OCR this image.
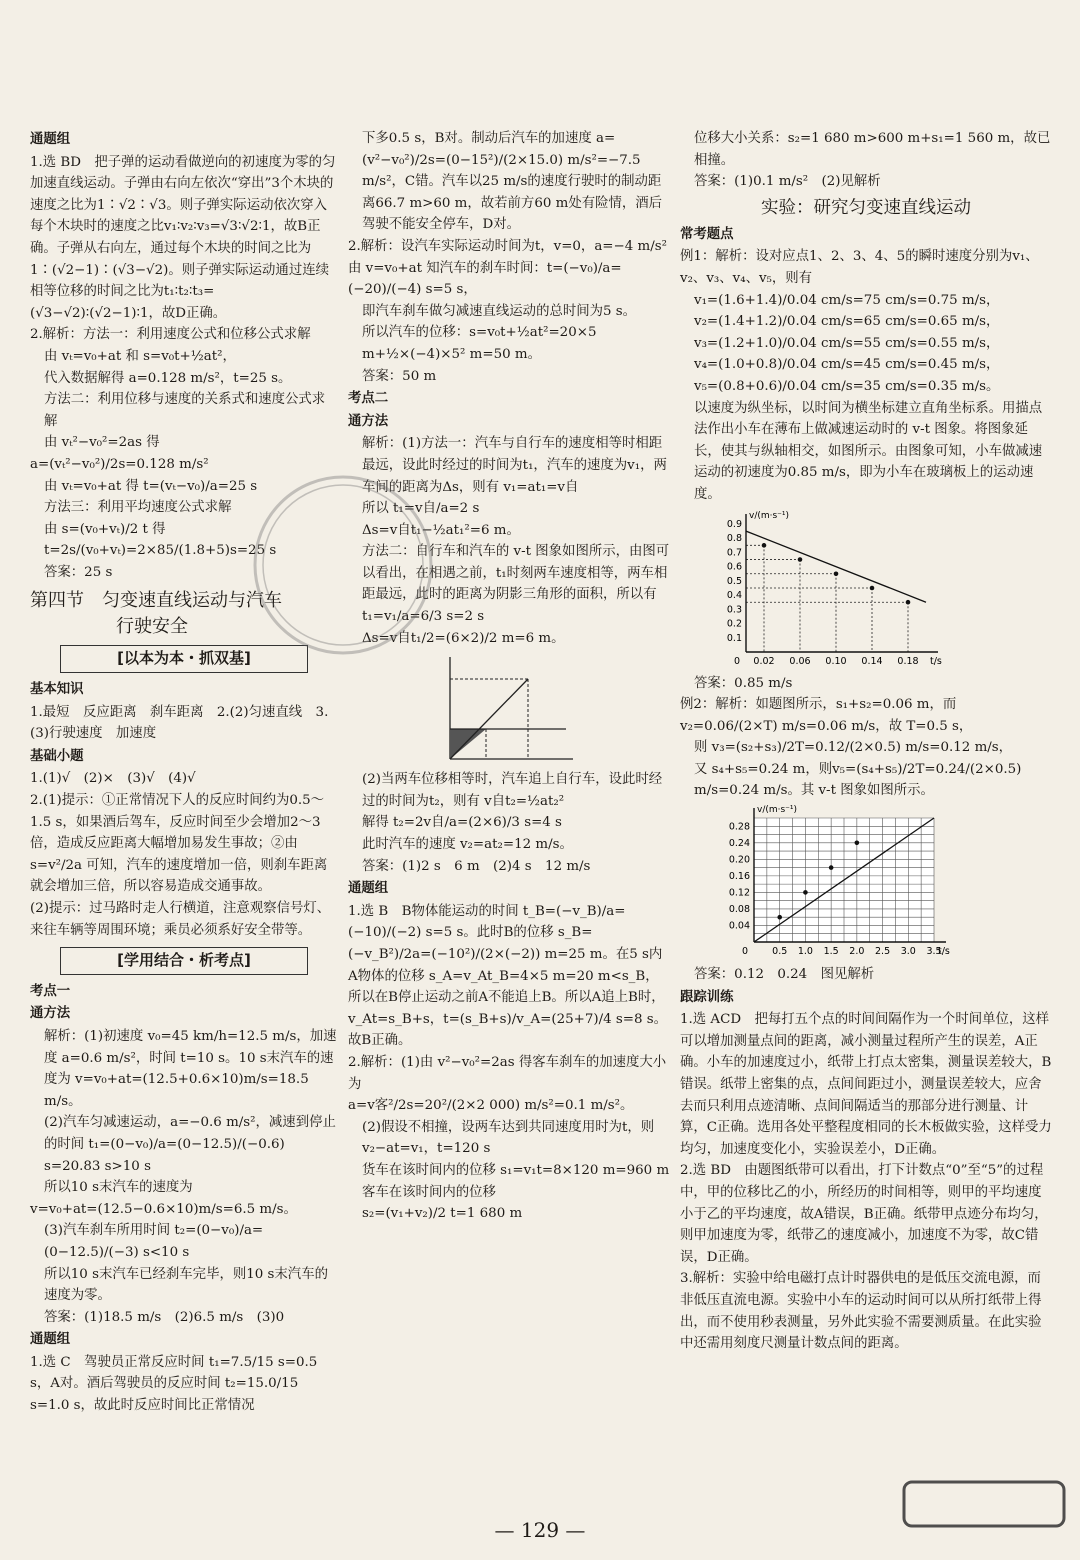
通题组
1.选 BD　把子弹的运动看做逆向的初速度为零的匀加速直线运动。子弹由右向左依次“穿出”3个木块的速度之比为1∶√2∶√3。则子弹实际运动依次穿入每个木块时的速度之比v₁∶v₂∶v₃=√3∶√2∶1，故B正确。子弹从右向左，通过每个木块的时间之比为1∶(√2−1)∶(√3−√2)。则子弹实际运动通过连续相等位移的时间之比为t₁∶t₂∶t₃=(√3−√2)∶(√2−1)∶1，故D正确。
2.解析：方法一：利用速度公式和位移公式求解
由 vₜ=v₀+at 和 s=v₀t+½at²，
代入数据解得 a=0.128 m/s²，t=25 s。
方法二：利用位移与速度的关系式和速度公式求解
由 vₜ²−v₀²=2as 得
a=(vₜ²−v₀²)/2s=0.128 m/s²
由 vₜ=v₀+at 得 t=(vₜ−v₀)/a=25 s
方法三：利用平均速度公式求解
由 s=(v₀+vₜ)/2 t 得 t=2s/(v₀+vₜ)=2×85/(1.8+5)s=25 s
答案：25 s
第四节　匀变速直线运动与汽车
行驶安全
[以本为本・抓双基]
基本知识
1.最短　反应距离　刹车距离　2.(2)匀速直线　3.(3)行驶速度　加速度
基础小题
1.(1)√　(2)×　(3)√　(4)√
2.(1)提示：①正常情况下人的反应时间约为0.5～1.5 s，如果酒后驾车，反应时间至少会增加2～3倍，造成反应距离大幅增加易发生事故；②由 s=v²/2a 可知，汽车的速度增加一倍，则刹车距离就会增加三倍，所以容易造成交通事故。
(2)提示：过马路时走人行横道，注意观察信号灯、来往车辆等周围环境；乘员必须系好安全带等。
[学用结合・析考点]
考点一
通方法
解析：(1)初速度 v₀=45 km/h=12.5 m/s，加速度 a=0.6 m/s²，时间 t=10 s。10 s末汽车的速度为 v=v₀+at=(12.5+0.6×10)m/s=18.5 m/s。
(2)汽车匀减速运动，a=−0.6 m/s²，减速到停止的时间 t₁=(0−v₀)/a=(0−12.5)/(−0.6) s=20.83 s>10 s
所以10 s末汽车的速度为
v=v₀+at=(12.5−0.6×10)m/s=6.5 m/s。
(3)汽车刹车所用时间 t₂=(0−v₀)/a=(0−12.5)/(−3) s<10 s
所以10 s末汽车已经刹车完毕，则10 s末汽车的速度为零。
答案：(1)18.5 m/s　(2)6.5 m/s　(3)0
通题组
1.选 C　驾驶员正常反应时间 t₁=7.5/15 s=0.5 s，A对。酒后驾驶员的反应时间 t₂=15.0/15 s=1.0 s，故此时反应时间比正常情况
下多0.5 s，B对。制动后汽车的加速度 a=(v²−v₀²)/2s=(0−15²)/(2×15.0) m/s²=−7.5 m/s²，C错。汽车以25 m/s的速度行驶时的制动距离66.7 m>60 m，故若前方60 m处有险情，酒后驾驶不能安全停车，D对。
2.解析：设汽车实际运动时间为t，v=0，a=−4 m/s² 由 v=v₀+at 知汽车的刹车时间：t=(−v₀)/a=(−20)/(−4) s=5 s，
即汽车刹车做匀减速直线运动的总时间为5 s。
所以汽车的位移：s=v₀t+½at²=20×5 m+½×(−4)×5² m=50 m。
答案：50 m
考点二
通方法
解析：(1)方法一：汽车与自行车的速度相等时相距最远，设此时经过的时间为t₁，汽车的速度为v₁，两车间的距离为Δs，则有 v₁=at₁=v自
所以 t₁=v自/a=2 s
Δs=v自t₁−½at₁²=6 m。
方法二：自行车和汽车的 v-t 图象如图所示，由图可以看出，在相遇之前，t₁时刻两车速度相等，两车相距最远，此时的距离为阴影三角形的面积，所以有
t₁=v₁/a=6/3 s=2 s
Δs=v自t₁/2=(6×2)/2 m=6 m。
(2)当两车位移相等时，汽车追上自行车，设此时经过的时间为t₂，则有 v自t₂=½at₂²
解得 t₂=2v自/a=(2×6)/3 s=4 s
此时汽车的速度 v₂=at₂=12 m/s。
答案：(1)2 s　6 m　(2)4 s　12 m/s
通题组
1.选 B　B物体能运动的时间 t_B=(−v_B)/a=(−10)/(−2) s=5 s。此时B的位移 s_B=(−v_B²)/2a=(−10²)/(2×(−2)) m=25 m。在5 s内A物体的位移 s_A=v_At_B=4×5 m=20 m<s_B，所以在B停止运动之前A不能追上B。所以A追上B时，v_At=s_B+s，t=(s_B+s)/v_A=(25+7)/4 s=8 s。故B正确。
2.解析：(1)由 v²−v₀²=2as 得客车刹车的加速度大小为
a=v客²/2s=20²/(2×2 000) m/s²=0.1 m/s²。
(2)假设不相撞，设两车达到共同速度用时为t，则 v₂−at=v₁，t=120 s
货车在该时间内的位移 s₁=v₁t=8×120 m=960 m
客车在该时间内的位移
s₂=(v₁+v₂)/2 t=1 680 m
位移大小关系：s₂=1 680 m>600 m+s₁=1 560 m，故已相撞。
答案：(1)0.1 m/s²　(2)见解析
实验：研究匀变速直线运动
常考题点
例1：解析：设对应点1、2、3、4、5的瞬时速度分别为v₁、v₂、v₃、v₄、v₅，则有
v₁=(1.6+1.4)/0.04 cm/s=75 cm/s=0.75 m/s，
v₂=(1.4+1.2)/0.04 cm/s=65 cm/s=0.65 m/s，
v₃=(1.2+1.0)/0.04 cm/s=55 cm/s=0.55 m/s，
v₄=(1.0+0.8)/0.04 cm/s=45 cm/s=0.45 m/s，
v₅=(0.8+0.6)/0.04 cm/s=35 cm/s=0.35 m/s。
以速度为纵坐标，以时间为横坐标建立直角坐标系。用描点法作出小车在薄布上做减速运动时的 v-t 图象。将图象延长，使其与纵轴相交，如图所示。由图象可知，小车做减速运动的初速度为0.85 m/s，即为小车在玻璃板上的运动速度。
0.1
0.2
0.3
0.4
0.5
0.6
0.7
0.8
0.9
0.02 0.06 0.10 0.14 0.18
0
v/(m·s⁻¹)
t/s
答案：0.85 m/s
例2：解析：如题图所示，s₁+s₂=0.06 m，而 v₂=0.06/(2×T) m/s=0.06 m/s，故 T=0.5 s，
则 v₃=(s₂+s₃)/2T=0.12/(2×0.5) m/s=0.12 m/s，
又 s₄+s₅=0.24 m，则v₅=(s₄+s₅)/2T=0.24/(2×0.5) m/s=0.24 m/s。其 v-t 图象如图所示。
0.04
0.08
0.12
0.16
0.20
0.24
0.28
0.5 1.0 1.5 2.0 2.5 3.0 3.5
0
v/(m·s⁻¹)
t/s
答案：0.12　0.24　图见解析
跟踪训练
1.选 ACD　把每打五个点的时间间隔作为一个时间单位，这样可以增加测量点间的距离，减小测量过程所产生的误差，A正确。小车的加速度过小，纸带上打点太密集，测量误差较大，B错误。纸带上密集的点，点间间距过小，测量误差较大，应舍去而只利用点迹清晰、点间间隔适当的那部分进行测量、计算，C正确。选用各处平整程度相同的长木板做实验，这样受力均匀，加速度变化小，实验误差小，D正确。
2.选 BD　由题图纸带可以看出，打下计数点“0”至“5”的过程中，甲的位移比乙的小，所经历的时间相等，则甲的平均速度小于乙的平均速度，故A错误，B正确。纸带甲点迹分布均匀，则甲加速度为零，纸带乙的速度减小，加速度不为零，故C错误，D正确。
3.解析：实验中给电磁打点计时器供电的是低压交流电源，而非低压直流电源。实验中小车的运动时间可以从所打纸带上得出，而不使用秒表测量，另外此实验不需要测质量。在此实验中还需用刻度尺测量计数点间的距离。
— 129 —
